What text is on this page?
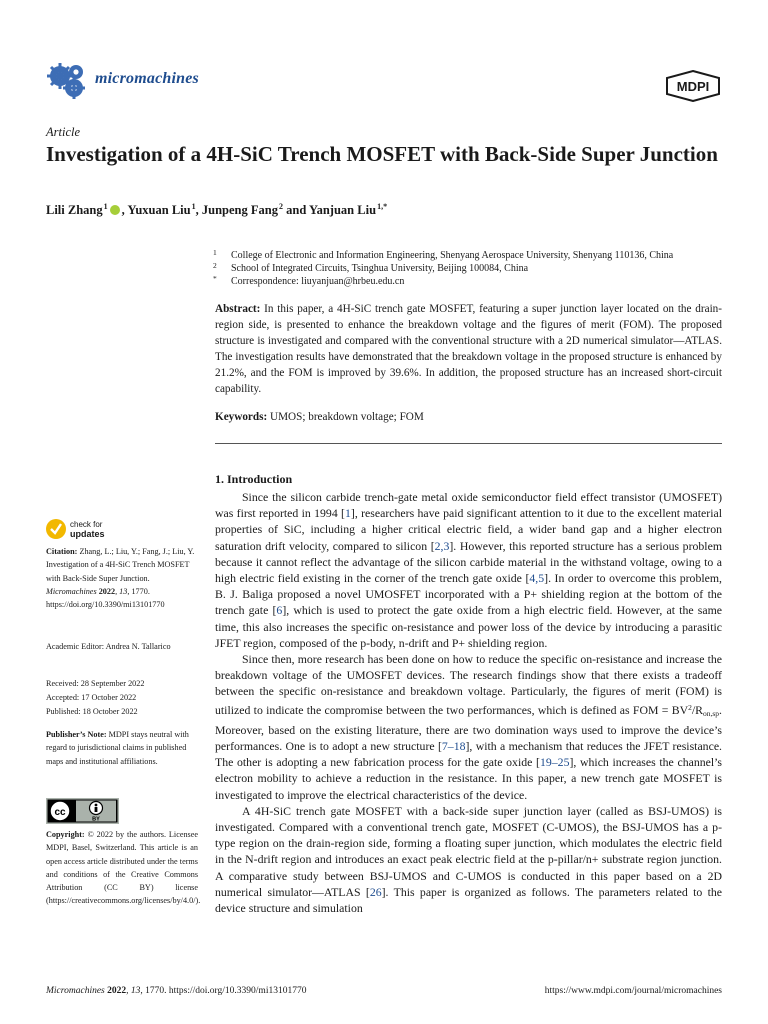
micromachines	MDPI
Article
Investigation of a 4H-SiC Trench MOSFET with Back-Side Super Junction
Lili Zhang $^1$ , Yuxuan Liu $^1$, Junpeng Fang $^2$ and Yanjuan Liu $^{1,*}$
1 College of Electronic and Information Engineering, Shenyang Aerospace University, Shenyang 110136, China
2 School of Integrated Circuits, Tsinghua University, Beijing 100084, China
* Correspondence: liuyanjuan@hrbeu.edu.cn
Abstract: In this paper, a 4H-SiC trench gate MOSFET, featuring a super junction layer located on the drain-region side, is presented to enhance the breakdown voltage and the figures of merit (FOM). The proposed structure is investigated and compared with the conventional structure with a 2D numerical simulator—ATLAS. The investigation results have demonstrated that the breakdown voltage in the proposed structure is enhanced by 21.2%, and the FOM is improved by 39.6%. In addition, the proposed structure has an increased short-circuit capability.
Keywords: UMOS; breakdown voltage; FOM
1. Introduction

Since the silicon carbide trench-gate metal oxide semiconductor field effect transistor (UMOSFET) was first reported in 1994 [1], researchers have paid significant attention to it due to the excellent material properties of SiC, including a higher critical electric field, a wider band gap and a higher electron saturation drift velocity, compared to silicon [2,3]. However, this reported structure has a serious problem because it cannot reflect the advantage of the silicon carbide material in the withstand voltage, owing to a high electric field existing in the corner of the trench gate oxide [4,5]. In order to overcome this problem, B. J. Baliga proposed a novel UMOSFET incorporated with a P+ shielding region at the bottom of the trench gate [6], which is used to protect the gate oxide from a high electric field. However, at the same time, this also increases the specific on-resistance and power loss of the device by introducing a parasitic JFET region, composed of the p-body, n-drift and P+ shielding region.

Since then, more research has been done on how to reduce the specific on-resistance and increase the breakdown voltage of the UMOSFET devices. The research findings show that there exists a tradeoff between the specific on-resistance and breakdown voltage. Particularly, the figures of merit (FOM) is utilized to indicate the compromise between the two performances, which is defined as FOM = $BV^2/R_{on,sp}$. Moreover, based on the existing literature, there are two domination ways used to improve the device’s performances. One is to adopt a new structure [7–18], with a mechanism that reduces the JFET resistance. The other is adopting a new fabrication process for the gate oxide [19–25], which increases the channel’s electron mobility to achieve a reduction in the resistance. In this paper, a new trench gate MOSFET is investigated to improve the electrical characteristics of the device.

A 4H-SiC trench gate MOSFET with a back-side super junction layer (called as BSJ-UMOS) is investigated. Compared with a conventional trench gate, MOSFET (C-UMOS), the BSJ-UMOS has a p-type region on the drain-region side, forming a floating super junction, which modulates the electric field in the N-drift region and introduces an exact peak electric field at the p-pillar/n+ substrate region junction. A comparative study between BSJ-UMOS and C-UMOS is conducted in this paper based on a 2D numerical simulator—ATLAS [26]. This paper is organized as follows. The parameters related to the device structure and simulation

check for
updates
Citation: Zhang, L.; Liu, Y.; Fang, J.; Liu, Y. Investigation of a 4H-SiC Trench MOSFET with Back-Side Super Junction. Micromachines 2022, 13, 1770. https://doi.org/10.3390/mi13101770
Academic Editor: Andrea N. Tallarico
Received: 28 September 2022
Accepted: 17 October 2022
Published: 18 October 2022
Publisher’s Note: MDPI stays neutral with regard to jurisdictional claims in published maps and institutional affiliations.
cc
BY
Copyright: © 2022 by the authors. Licensee MDPI, Basel, Switzerland. This article is an open access article distributed under the terms and conditions of the Creative Commons Attribution (CC BY) license (https://creativecommons.org/licenses/by/4.0/).
Micromachines 2022, 13, 1770. https://doi.org/10.3390/mi13101770	https://www.mdpi.com/journal/micromachines
